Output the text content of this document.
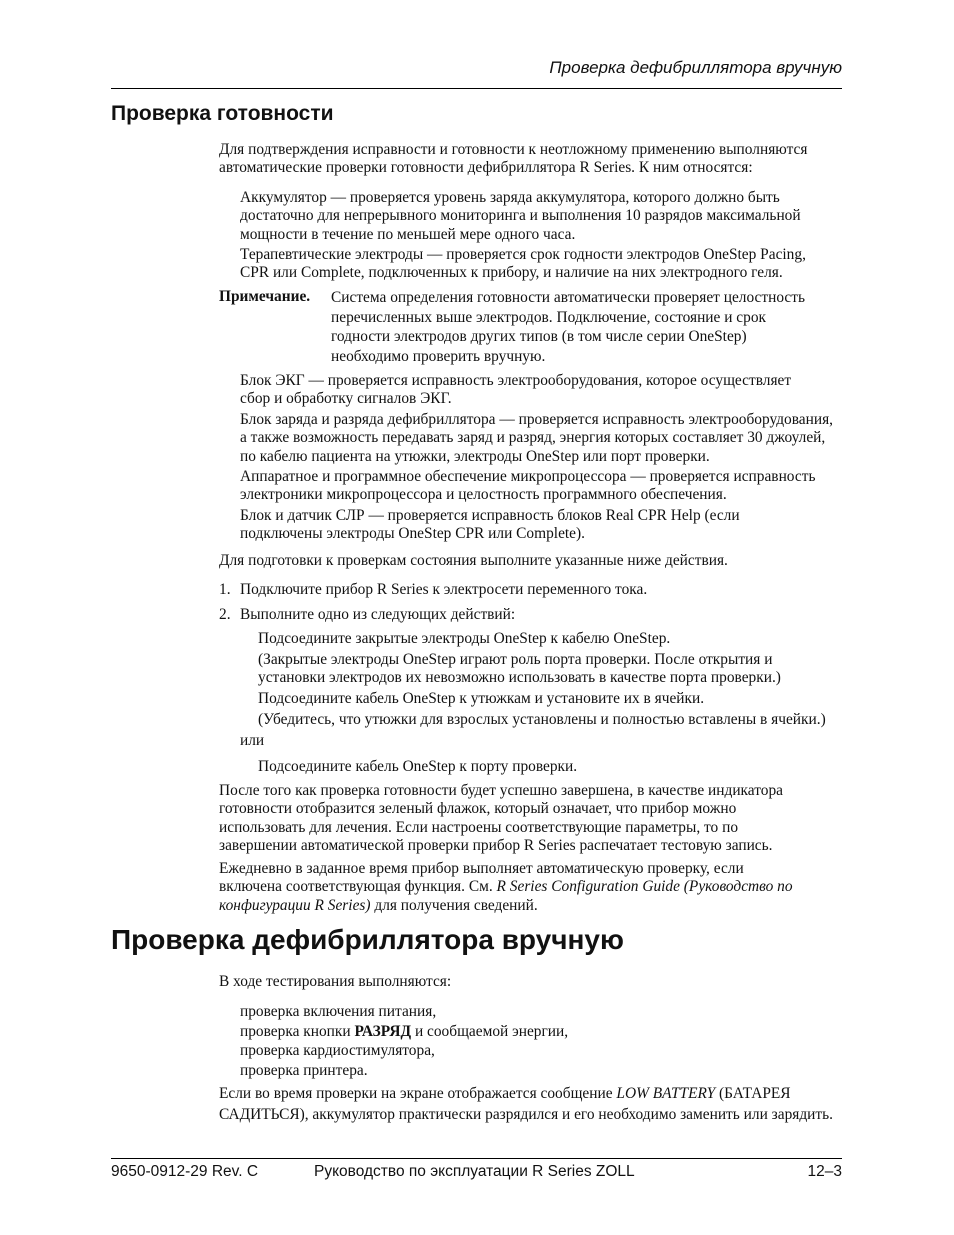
Проверка дефибриллятора вручную
Проверка готовности
Для подтверждения исправности и готовности к неотложному применению выполняются
автоматические проверки готовности дефибриллятора R Series. К ним относятся:
Аккумулятор — проверяется уровень заряда аккумулятора, которого должно быть
достаточно для непрерывного мониторинга и выполнения 10 разрядов максимальной
мощности в течение по меньшей мере одного часа.
Терапевтические электроды — проверяется срок годности электродов OneStep Pacing,
CPR или Complete, подключенных к прибору, и наличие на них электродного геля.
Примечание. Система определения готовности автоматически проверяет целостность
перечисленных выше электродов. Подключение, состояние и срок
годности электродов других типов (в том числе серии OneStep)
необходимо проверить вручную.
Блок ЭКГ — проверяется исправность электрооборудования, которое осуществляет
сбор и обработку сигналов ЭКГ.
Блок заряда и разряда дефибриллятора — проверяется исправность электрооборудования,
а также возможность передавать заряд и разряд, энергия которых составляет 30 джоулей,
по кабелю пациента на утюжки, электроды OneStep или порт проверки.
Аппаратное и программное обеспечение микропроцессора — проверяется исправность
электроники микропроцессора и целостность программного обеспечения.
Блок и датчик СЛР — проверяется исправность блоков Real CPR Help (если
подключены электроды OneStep CPR или Complete).
Для подготовки к проверкам состояния выполните указанные ниже действия.
1. Подключите прибор R Series к электросети переменного тока.
2. Выполните одно из следующих действий:
Подсоедините закрытые электроды OneStep к кабелю OneStep.
(Закрытые электроды OneStep играют роль порта проверки. После открытия и
установки электродов их невозможно использовать в качестве порта проверки.)
Подсоедините кабель OneStep к утюжкам и установите их в ячейки.
(Убедитесь, что утюжки для взрослых установлены и полностью вставлены в ячейки.)
или
Подсоедините кабель OneStep к порту проверки.
После того как проверка готовности будет успешно завершена, в качестве индикатора
готовности отобразится зеленый флажок, который означает, что прибор можно
использовать для лечения. Если настроены соответствующие параметры, то по
завершении автоматической проверки прибор R Series распечатает тестовую запись.
Ежедневно в заданное время прибор выполняет автоматическую проверку, если
включена соответствующая функция. См. R Series Configuration Guide (Руководство по
конфигурации R Series) для получения сведений.
Проверка дефибриллятора вручную
В ходе тестирования выполняются:
проверка включения питания,
проверка кнопки РАЗРЯД и сообщаемой энергии,
проверка кардиостимулятора,
проверка принтера.
Если во время проверки на экране отображается сообщение LOW BATTERY (БАТАРЕЯ
САДИТЬСЯ), аккумулятор практически разрядился и его необходимо заменить или зарядить.
9650-0912-29 Rev. C	Руководство по эксплуатации R Series ZOLL	12–3
